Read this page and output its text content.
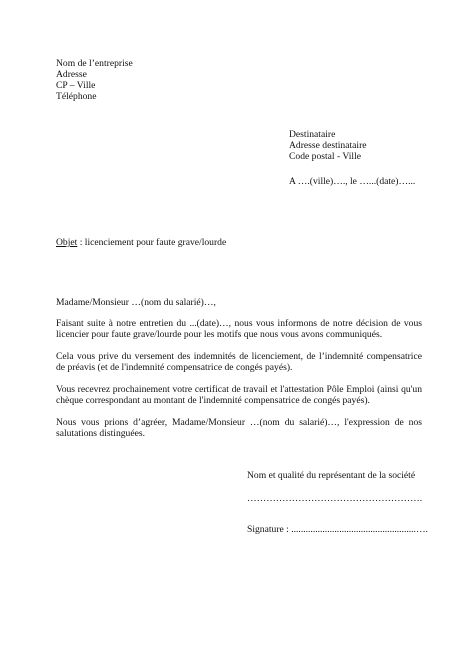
Nom de l’entreprise
Adresse
CP – Ville
Téléphone
Destinataire
Adresse destinataire
Code postal - Ville
A ….(ville)…., le …...(date)…...
Objet : licenciement pour faute grave/lourde
Madame/Monsieur …(nom du salarié)…,

Faisant suite à notre entretien du ...(date)…, nous vous informons de notre décision de vous licencier pour faute grave/lourde pour les motifs que nous vous avons communiqués.

Cela vous prive du versement des indemnités de licenciement, de l’indemnité compensatrice de préavis (et de l'indemnité compensatrice de congés payés).

Vous recevrez prochainement votre certificat de travail et l'attestation Pôle Emploi (ainsi qu'un chèque correspondant au montant de l'indemnité compensatrice de congés payés).

Nous vous prions d’agréer, Madame/Monsieur …(nom du salarié)…, l'expression de nos salutations distinguées.

Nom et qualité du représentant de la société
……………………………………………….
Signature : ....................................................….
